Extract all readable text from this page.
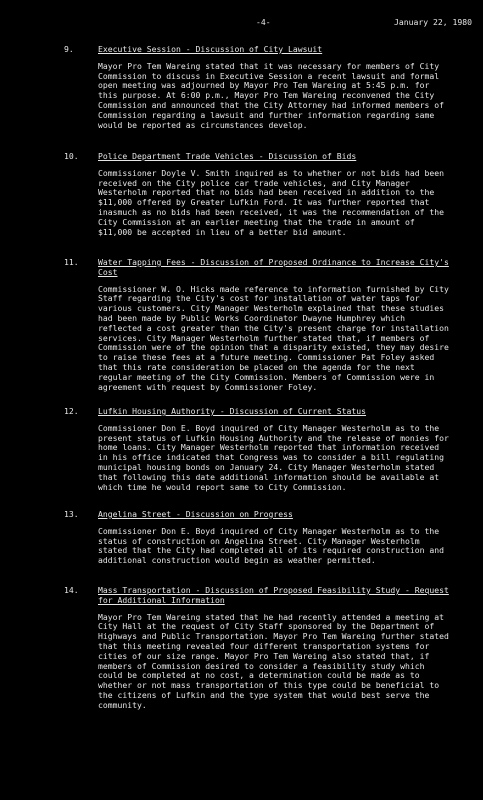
-4-	January 22, 1980
9.	Executive Session - Discussion of City Lawsuit
Mayor Pro Tem Wareing stated that it was necessary for members of City Commission to discuss in Executive Session a recent lawsuit and formal open meeting was adjourned by Mayor Pro Tem Wareing at 5:45 p.m. for this purpose. At 6:00 p.m., Mayor Pro Tem Wareing reconvened the City Commission and announced that the City Attorney had informed members of Commission regarding a lawsuit and further information regarding same would be reported as circumstances develop.
10. Police Department Trade Vehicles - Discussion of Bids
Commissioner Doyle V. Smith inquired as to whether or not bids had been received on the City police car trade vehicles, and City Manager Westerholm reported that no bids had been received in addition to the $11,000 offered by Greater Lufkin Ford. It was further reported that inasmuch as no bids had been received, it was the recommendation of the City Commission at an earlier meeting that the trade in amount of $11,000 be accepted in lieu of a better bid amount.
11. Water Tapping Fees - Discussion of Proposed Ordinance to Increase City's Cost
Commissioner W. O. Hicks made reference to information furnished by City Staff regarding the City's cost for installation of water taps for various customers. City Manager Westerholm explained that these studies had been made by Public Works Coordinator Dwayne Humphrey which reflected a cost greater than the City's present charge for installation services. City Manager Westerholm further stated that, if members of Commission were of the opinion that a disparity existed, they may desire to raise these fees at a future meeting. Commissioner Pat Foley asked that this rate consideration be placed on the agenda for the next regular meeting of the City Commission. Members of Commission were in agreement with request by Commissioner Foley.
12. Lufkin Housing Authority - Discussion of Current Status
Commissioner Don E. Boyd inquired of City Manager Westerholm as to the present status of Lufkin Housing Authority and the release of monies for home loans. City Manager Westerholm reported that information received in his office indicated that Congress was to consider a bill regulating municipal housing bonds on January 24. City Manager Westerholm stated that following this date additional information should be available at which time he would report same to City Commission.
13. Angelina Street - Discussion on Progress
Commissioner Don E. Boyd inquired of City Manager Westerholm as to the status of construction on Angelina Street. City Manager Westerholm stated that the City had completed all of its required construction and additional construction would begin as weather permitted.
14. Mass Transportation - Discussion of Proposed Feasibility Study - Request for Additional Information
Mayor Pro Tem Wareing stated that he had recently attended a meeting at City Hall at the request of City Staff sponsored by the Department of Highways and Public Transportation. Mayor Pro Tem Wareing further stated that this meeting revealed four different transportation systems for cities of our size range. Mayor Pro Tem Wareing also stated that, if members of Commission desired to consider a feasibility study which could be completed at no cost, a determination could be made as to whether or not mass transportation of this type could be beneficial to the citizens of Lufkin and the type system that would best serve the community.
